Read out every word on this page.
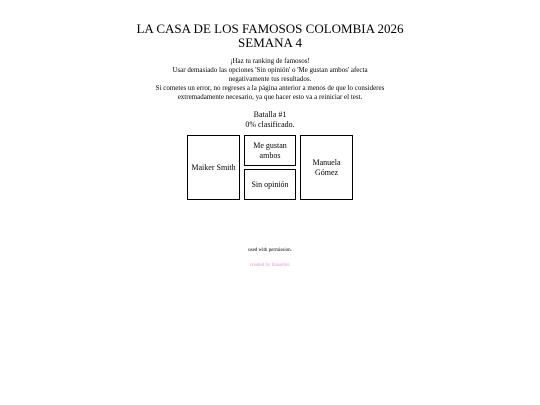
LA CASA DE LOS FAMOSOS COLOMBIA 2026
SEMANA 4
¡Haz tu ranking de famosos!
Usar demasiado las opciones 'Sin opinión' o 'Me gustan ambos' afecta
negativamente tus resultados.
Si cometes un error, no regreses a la página anterior a menos de que lo consideres
extremadamente necesario, ya que hacer esto va a reiniciar el test.
Batalla #1
0% clasificado.
Maiker Smith
Me gustan
ambos
Sin opinión
Manuela
Gómez
used with permission.
created by biasorter.
